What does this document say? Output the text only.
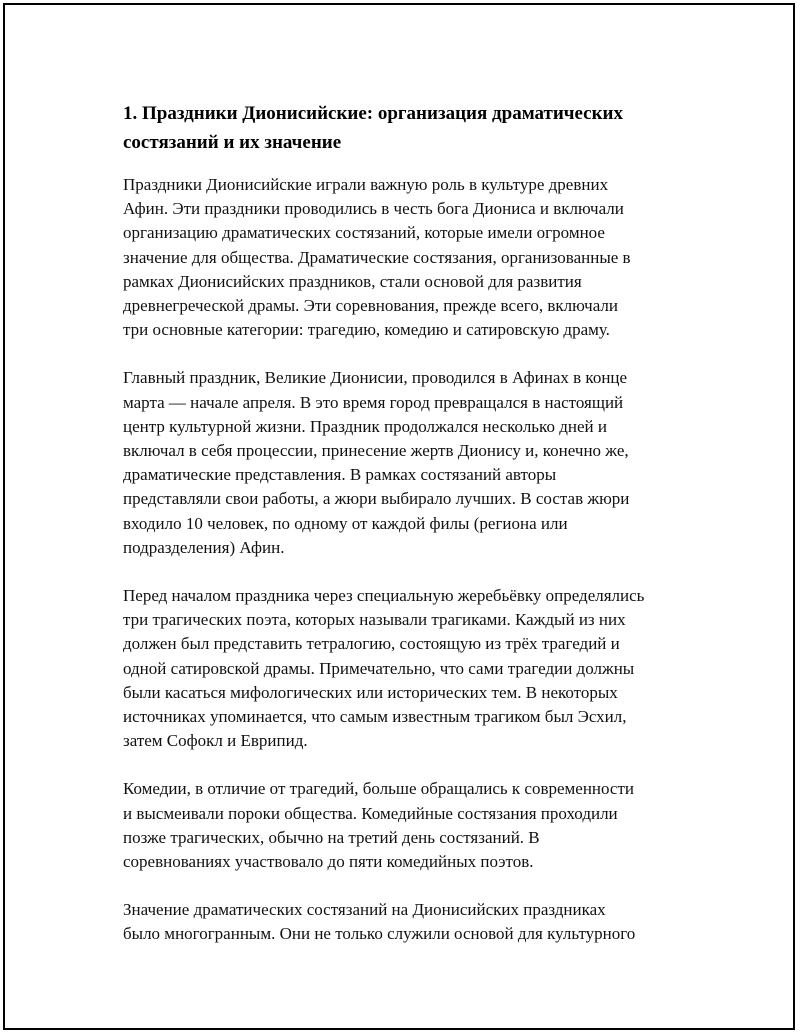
1. Праздники Дионисийские: организация драматических
состязаний и их значение
Праздники Дионисийские играли важную роль в культуре древних
Афин. Эти праздники проводились в честь бога Диониса и включали
организацию драматических состязаний, которые имели огромное
значение для общества. Драматические состязания, организованные в
рамках Дионисийских праздников, стали основой для развития
древнегреческой драмы. Эти соревнования, прежде всего, включали
три основные категории: трагедию, комедию и сатировскую драму.
Главный праздник, Великие Дионисии, проводился в Афинах в конце
марта — начале апреля. В это время город превращался в настоящий
центр культурной жизни. Праздник продолжался несколько дней и
включал в себя процессии, принесение жертв Дионису и, конечно же,
драматические представления. В рамках состязаний авторы
представляли свои работы, а жюри выбирало лучших. В состав жюри
входило 10 человек, по одному от каждой филы (региона или
подразделения) Афин.
Перед началом праздника через специальную жеребьёвку определялись
три трагических поэта, которых называли трагиками. Каждый из них
должен был представить тетралогию, состоящую из трёх трагедий и
одной сатировской драмы. Примечательно, что сами трагедии должны
были касаться мифологических или исторических тем. В некоторых
источниках упоминается, что самым известным трагиком был Эсхил,
затем Софокл и Еврипид.
Комедии, в отличие от трагедий, больше обращались к современности
и высмеивали пороки общества. Комедийные состязания проходили
позже трагических, обычно на третий день состязаний. В
соревнованиях участвовало до пяти комедийных поэтов.
Значение драматических состязаний на Дионисийских праздниках
было многогранным. Они не только служили основой для культурного
